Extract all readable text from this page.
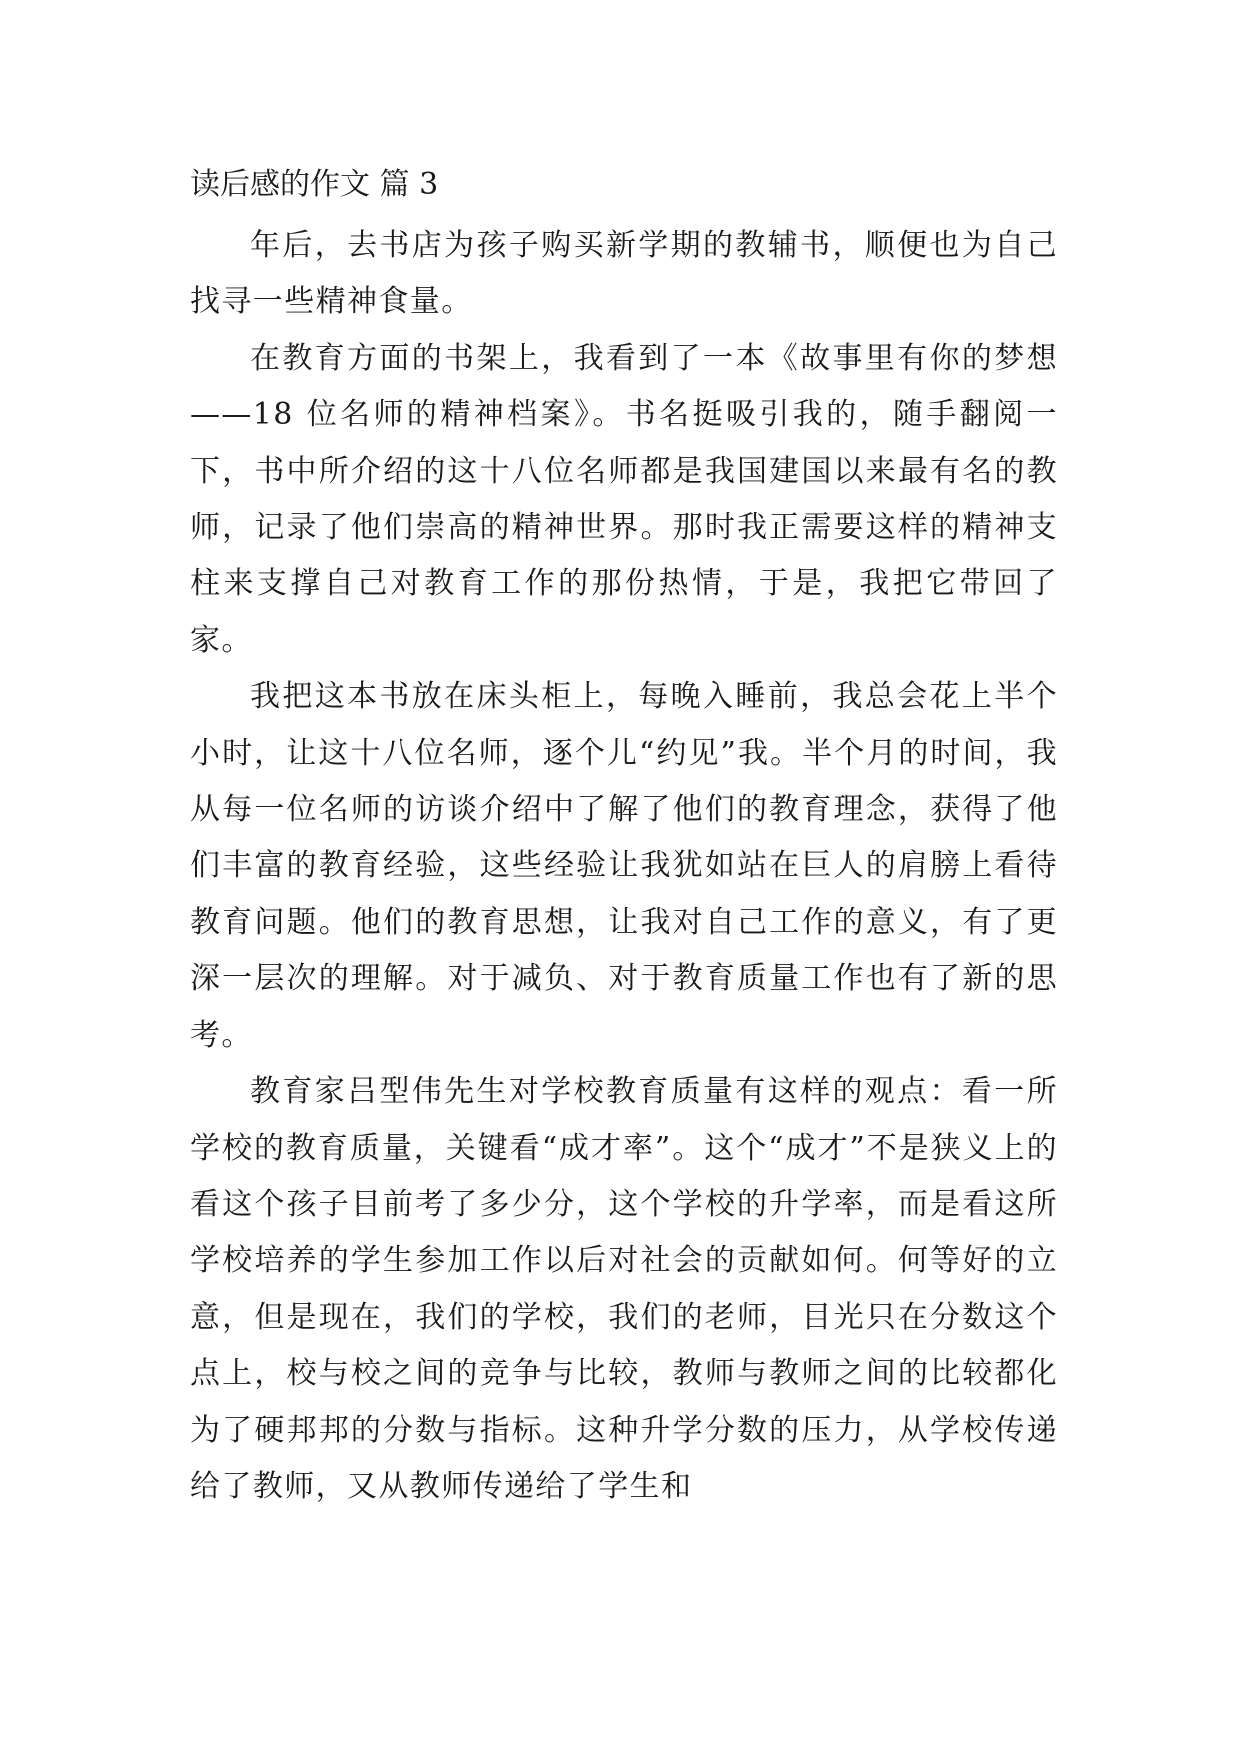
读后感的作文 篇 3

年后，去书店为孩子购买新学期的教辅书，顺便也为自己找寻一些精神食量。

在教育方面的书架上，我看到了一本《故事里有你的梦想——18 位名师的精神档案》。书名挺吸引我的，随手翻阅一下，书中所介绍的这十八位名师都是我国建国以来最有名的教师，记录了他们崇高的精神世界。那时我正需要这样的精神支柱来支撑自己对教育工作的那份热情，于是，我把它带回了家。

我把这本书放在床头柜上，每晚入睡前，我总会花上半个小时，让这十八位名师，逐个儿“约见”我。半个月的时间，我从每一位名师的访谈介绍中了解了他们的教育理念，获得了他们丰富的教育经验，这些经验让我犹如站在巨人的肩膀上看待教育问题。他们的教育思想，让我对自己工作的意义，有了更深一层次的理解。对于减负、对于教育质量工作也有了新的思考。

教育家吕型伟先生对学校教育质量有这样的观点：看一所学校的教育质量，关键看“成才率”。这个“成才”不是狭义上的看这个孩子目前考了多少分，这个学校的升学率，而是看这所学校培养的学生参加工作以后对社会的贡献如何。何等好的立意，但是现在，我们的学校，我们的老师，目光只在分数这个点上，校与校之间的竞争与比较，教师与教师之间的比较都化为了硬邦邦的分数与指标。这种升学分数的压力，从学校传递给了教师，又从教师传递给了学生和
